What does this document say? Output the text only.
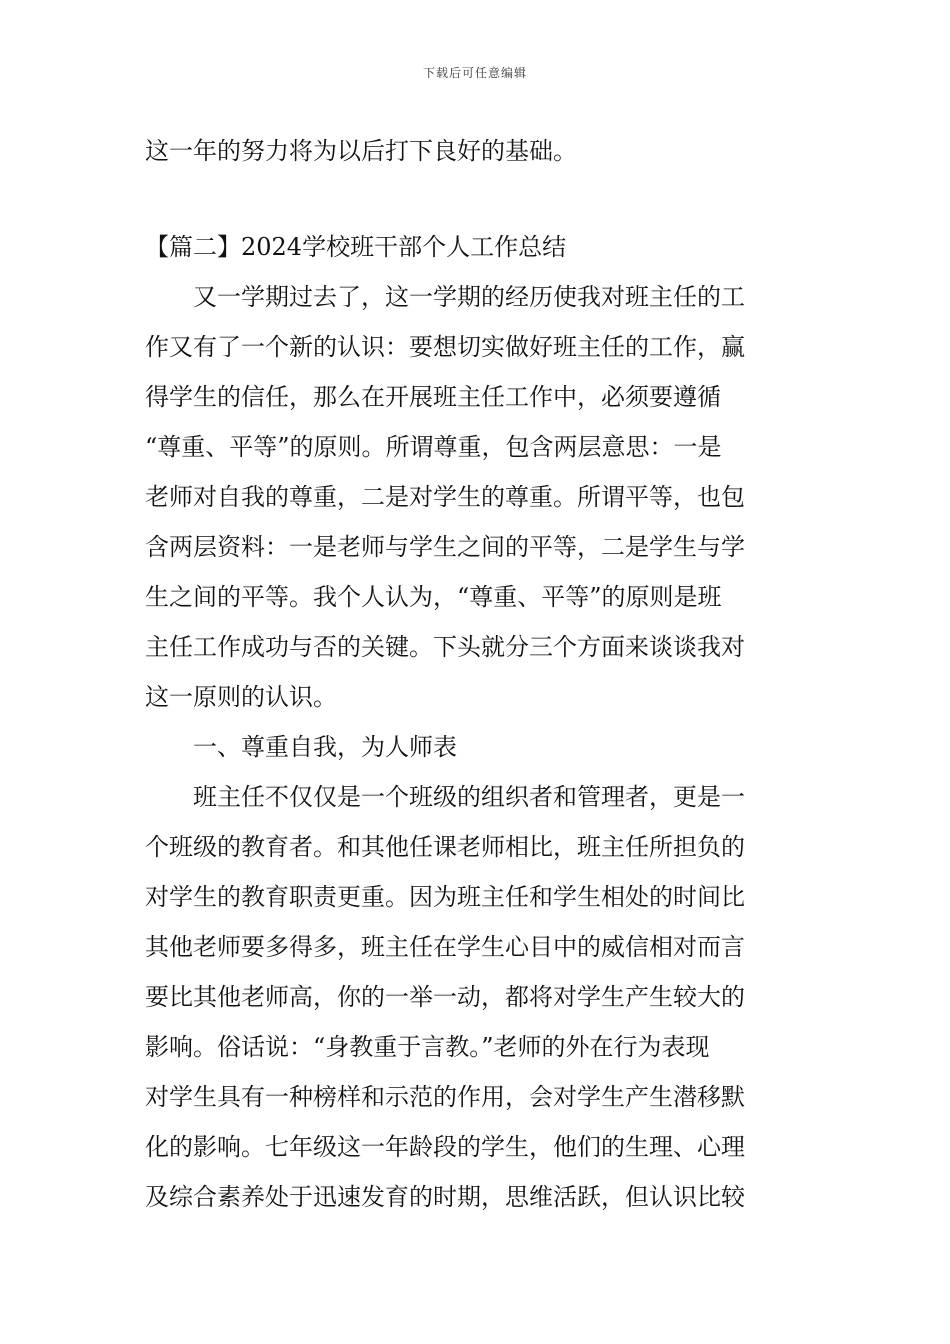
下载后可任意编辑
这一年的努力将为以后打下良好的基础。
【篇二】2024学校班干部个人工作总结
　　又一学期过去了，这一学期的经历使我对班主任的工
作又有了一个新的认识：要想切实做好班主任的工作，赢
得学生的信任，那么在开展班主任工作中，必须要遵循
“尊重、平等”的原则。所谓尊重，包含两层意思：一是
老师对自我的尊重，二是对学生的尊重。所谓平等，也包
含两层资料：一是老师与学生之间的平等，二是学生与学
生之间的平等。我个人认为，“尊重、平等”的原则是班
主任工作成功与否的关键。下头就分三个方面来谈谈我对
这一原则的认识。
　　一、尊重自我，为人师表
　　班主任不仅仅是一个班级的组织者和管理者，更是一
个班级的教育者。和其他任课老师相比，班主任所担负的
对学生的教育职责更重。因为班主任和学生相处的时间比
其他老师要多得多，班主任在学生心目中的威信相对而言
要比其他老师高，你的一举一动，都将对学生产生较大的
影响。俗话说：“身教重于言教。”老师的外在行为表现
对学生具有一种榜样和示范的作用，会对学生产生潜移默
化的影响。七年级这一年龄段的学生，他们的生理、心理
及综合素养处于迅速发育的时期，思维活跃，但认识比较
